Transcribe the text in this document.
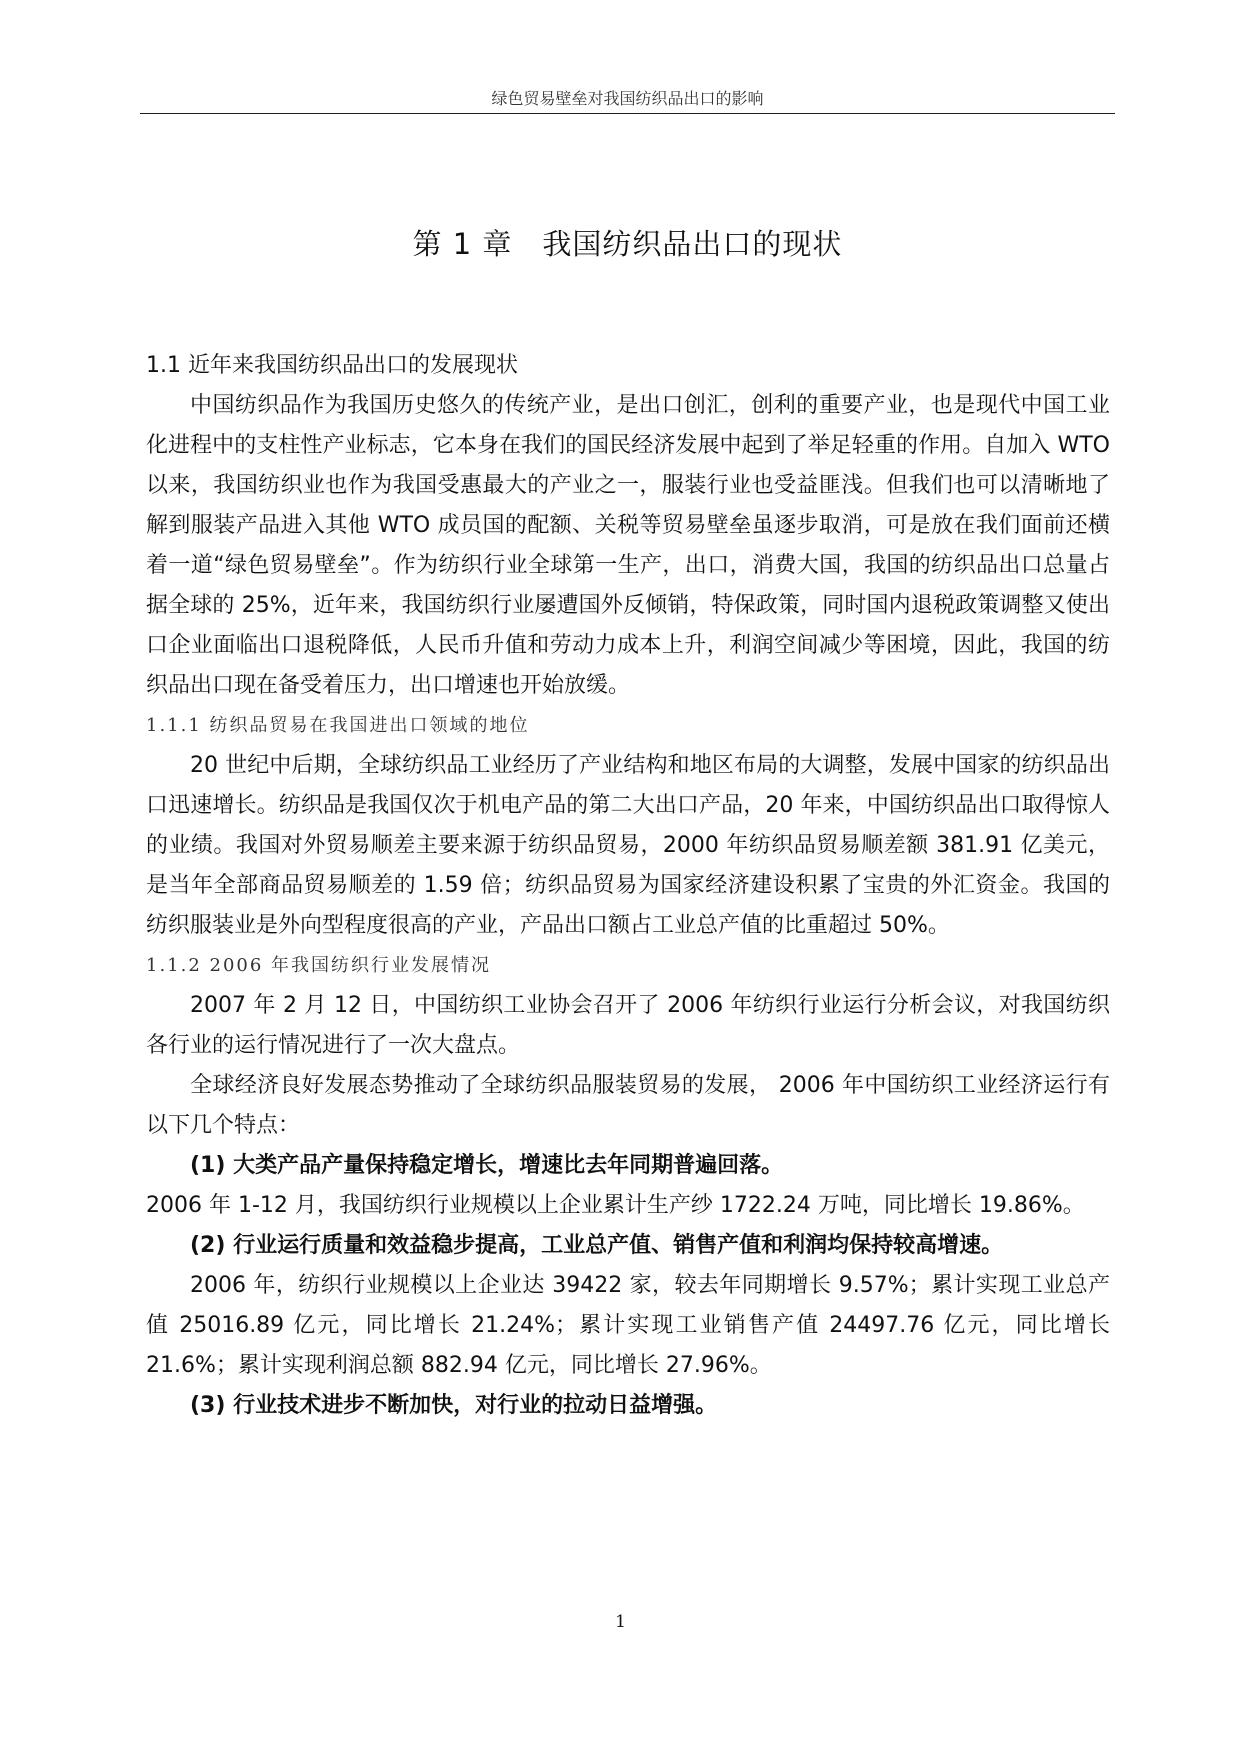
绿色贸易壁垒对我国纺织品出口的影响
第 1 章　我国纺织品出口的现状

1.1 近年来我国纺织品出口的发展现状

中国纺织品作为我国历史悠久的传统产业，是出口创汇，创利的重要产业，也是现代中国工业化进程中的支柱性产业标志，它本身在我们的国民经济发展中起到了举足轻重的作用。自加入 WTO 以来，我国纺织业也作为我国受惠最大的产业之一，服装行业也受益匪浅。但我们也可以清晰地了解到服装产品进入其他 WTO 成员国的配额、关税等贸易壁垒虽逐步取消，可是放在我们面前还横着一道“绿色贸易壁垒”。作为纺织行业全球第一生产，出口，消费大国，我国的纺织品出口总量占据全球的 25%，近年来，我国纺织行业屡遭国外反倾销，特保政策，同时国内退税政策调整又使出口企业面临出口退税降低，人民币升值和劳动力成本上升，利润空间减少等困境，因此，我国的纺织品出口现在备受着压力，出口增速也开始放缓。

1.1.1 纺织品贸易在我国进出口领域的地位

20 世纪中后期，全球纺织品工业经历了产业结构和地区布局的大调整，发展中国家的纺织品出口迅速增长。纺织品是我国仅次于机电产品的第二大出口产品，20 年来，中国纺织品出口取得惊人的业绩。我国对外贸易顺差主要来源于纺织品贸易，2000 年纺织品贸易顺差额 381.91 亿美元，是当年全部商品贸易顺差的 1.59 倍；纺织品贸易为国家经济建设积累了宝贵的外汇资金。我国的纺织服装业是外向型程度很高的产业，产品出口额占工业总产值的比重超过 50%。

1.1.2 2006 年我国纺织行业发展情况

2007 年 2 月 12 日，中国纺织工业协会召开了 2006 年纺织行业运行分析会议，对我国纺织各行业的运行情况进行了一次大盘点。

全球经济良好发展态势推动了全球纺织品服装贸易的发展， 2006 年中国纺织工业经济运行有以下几个特点：

(1) 大类产品产量保持稳定增长，增速比去年同期普遍回落。

2006 年 1-12 月，我国纺织行业规模以上企业累计生产纱 1722.24 万吨，同比增长 19.86%。

(2) 行业运行质量和效益稳步提高，工业总产值、销售产值和利润均保持较高增速。

2006 年，纺织行业规模以上企业达 39422 家，较去年同期增长 9.57%；累计实现工业总产值 25016.89 亿元，同比增长 21.24%；累计实现工业销售产值 24497.76 亿元，同比增长 21.6%；累计实现利润总额 882.94 亿元，同比增长 27.96%。

(3) 行业技术进步不断加快，对行业的拉动日益增强。

1
